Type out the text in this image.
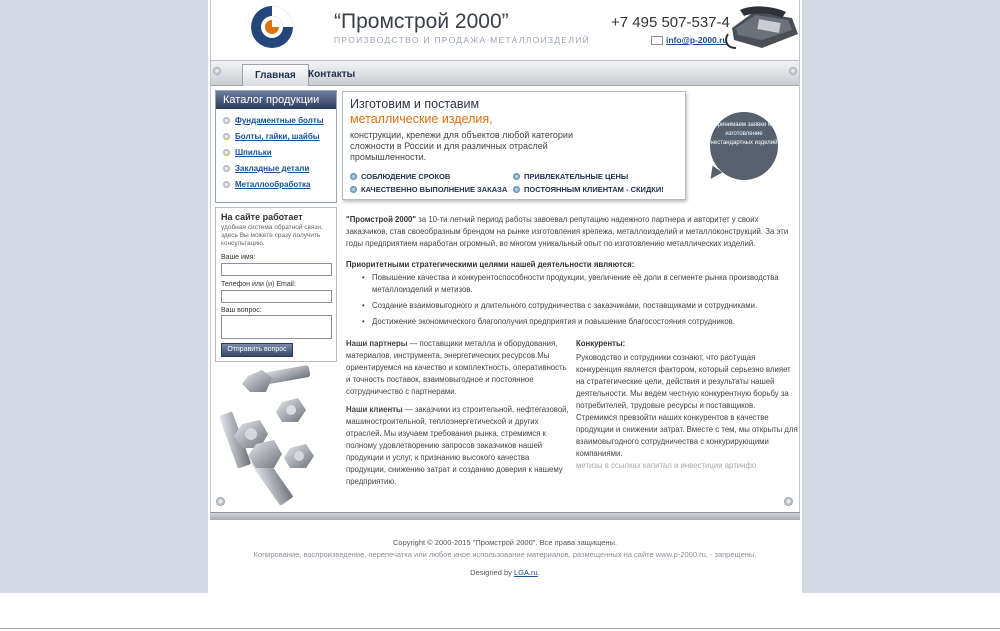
“Промстрой 2000”
ПРОИЗВОДСТВО И ПРОДАЖА МЕТАЛЛОИЗДЕЛИЙ
+7 495 507-537-4
info@p-2000.ru
Главная	Контакты
Каталог продукции
Фундаментные болты
Болты, гайки, шайбы
Шпильки
Закладные детали
Металлообработка
На сайте работает
удобная система обратной связи, здесь Вы можете сразу получить консультацию.
Ваше имя:
Телефон или (и) Email:
Ваш вопрос:
Отправить вопрос
Изготовим и поставим
металлические изделия,
конструкции, крепежи для объектов любой категории сложности в России и для различных отраслей промышленности.
СОБЛЮДЕНИЕ СРОКОВ	ПРИВЛЕКАТЕЛЬНЫЕ ЦЕНЫ
КАЧЕСТВЕННО ВЫПОЛНЕНИЕ ЗАКАЗА	ПОСТОЯННЫМ КЛИЕНТАМ - СКИДКИ!
Принимаем заявки на изготовление нестандартных изделий

"Промстрой 2000" за 10-ти летний период работы завоевал репутацию надежного партнера и авторитет у своих заказчиков, став своеобразным брендом на рынке изготовления крепежа, металлоизделий и металлоконструкций. За эти годы предприятием наработан огромный, во многом уникальный опыт по изготовлению металлических изделий.

Приоритетными стратегическими целями нашей деятельности являются:
• Повышение качества и конкурентоспособности продукции, увеличение её доли в сегменте рынка производства металлоизделий и метизов.
• Создание взаимовыгодного и длительного сотрудничества с заказчиками, поставщиками и сотрудниками.
• Достижение экономического благополучия предприятия и повышение благосостояния сотрудников.

Наши партнеры — поставщики металла и оборудования, материалов, инструмента, энергетических ресурсов.Мы ориентируемся на качество и комплектность, оперативность и точность поставок, взаимовыгодное и постоянное сотрудничество с партнерами.

Наши клиенты — заказчики из строительной, нефтегазовой, машиностроительной, теплоэнергетической и других отраслей. Мы изучаем требования рынка, стремимся к полному удовлетворению запросов заказчиков нашей продукции и услуг, к признанию высокого качества продукции, снижению затрат и созданию доверия к нашему предприятию.

Конкуренты:
Руководство и сотрудники сознают, что растущая конкуренция является фактором, который серьезно влияет на стратегические цели, действия и результаты нашей деятельности. Мы ведем честную конкурентную борьбу за потребителей, трудовые ресурсы и поставщиков. Стремимся превзойти наших конкурентов в качестве продукции и снижении затрат. Вместе с тем, мы открыты для взаимовыгодного сотрудничества с конкурирующими компаниями.
метизы в ссылках капитал и инвестиции артинфо
Copyright © 2000-2015 "Промстрой 2000". Все права защищены.
Копирование, воспроизведение, перепечатка или любое иное использование материалов, размещенных на сайте www.p-2000.ru, - запрещены.
Designed by LGA.ru.
